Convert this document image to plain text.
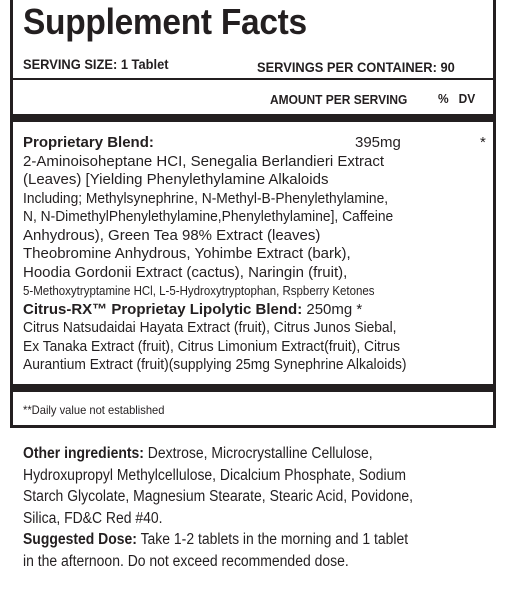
Supplement Facts
SERVING SIZE: 1 Tablet	SERVINGS PER CONTAINER: 90
AMOUNT PER SERVING %   DV
395mg	*
Proprietary Blend:
2-Aminoisoheptane HCI, Senegalia Berlandieri Extract
(Leaves) [Yielding Phenylethylamine Alkaloids
Including; Methylsynephrine, N-Methyl-B-Phenylethylamine,
N, N-DimethylPhenylethylamine,Phenylethylamine], Caffeine
Anhydrous), Green Tea 98% Extract (leaves)
Theobromine Anhydrous, Yohimbe Extract (bark),
Hoodia Gordonii Extract (cactus), Naringin (fruit),
5-Methoxytryptamine HCl, L-5-Hydroxytryptophan, Rspberry Ketones
Citrus-RX™ Proprietay Lipolytic Blend: 250mg *
Citrus Natsudaidai Hayata Extract (fruit), Citrus Junos Siebal,
Ex Tanaka Extract (fruit), Citrus Limonium Extract(fruit), Citrus
Aurantium Extract (fruit)(supplying 25mg Synephrine Alkaloids)
**Daily value not established
Other ingredients: Dextrose, Microcrystalline Cellulose,
Hydroxupropyl Methylcellulose, Dicalcium Phosphate, Sodium
Starch Glycolate, Magnesium Stearate, Stearic Acid, Povidone,
Silica, FD&C Red #40.
Suggested Dose: Take 1-2 tablets in the morning and 1 tablet
in the afternoon. Do not exceed recommended dose.
